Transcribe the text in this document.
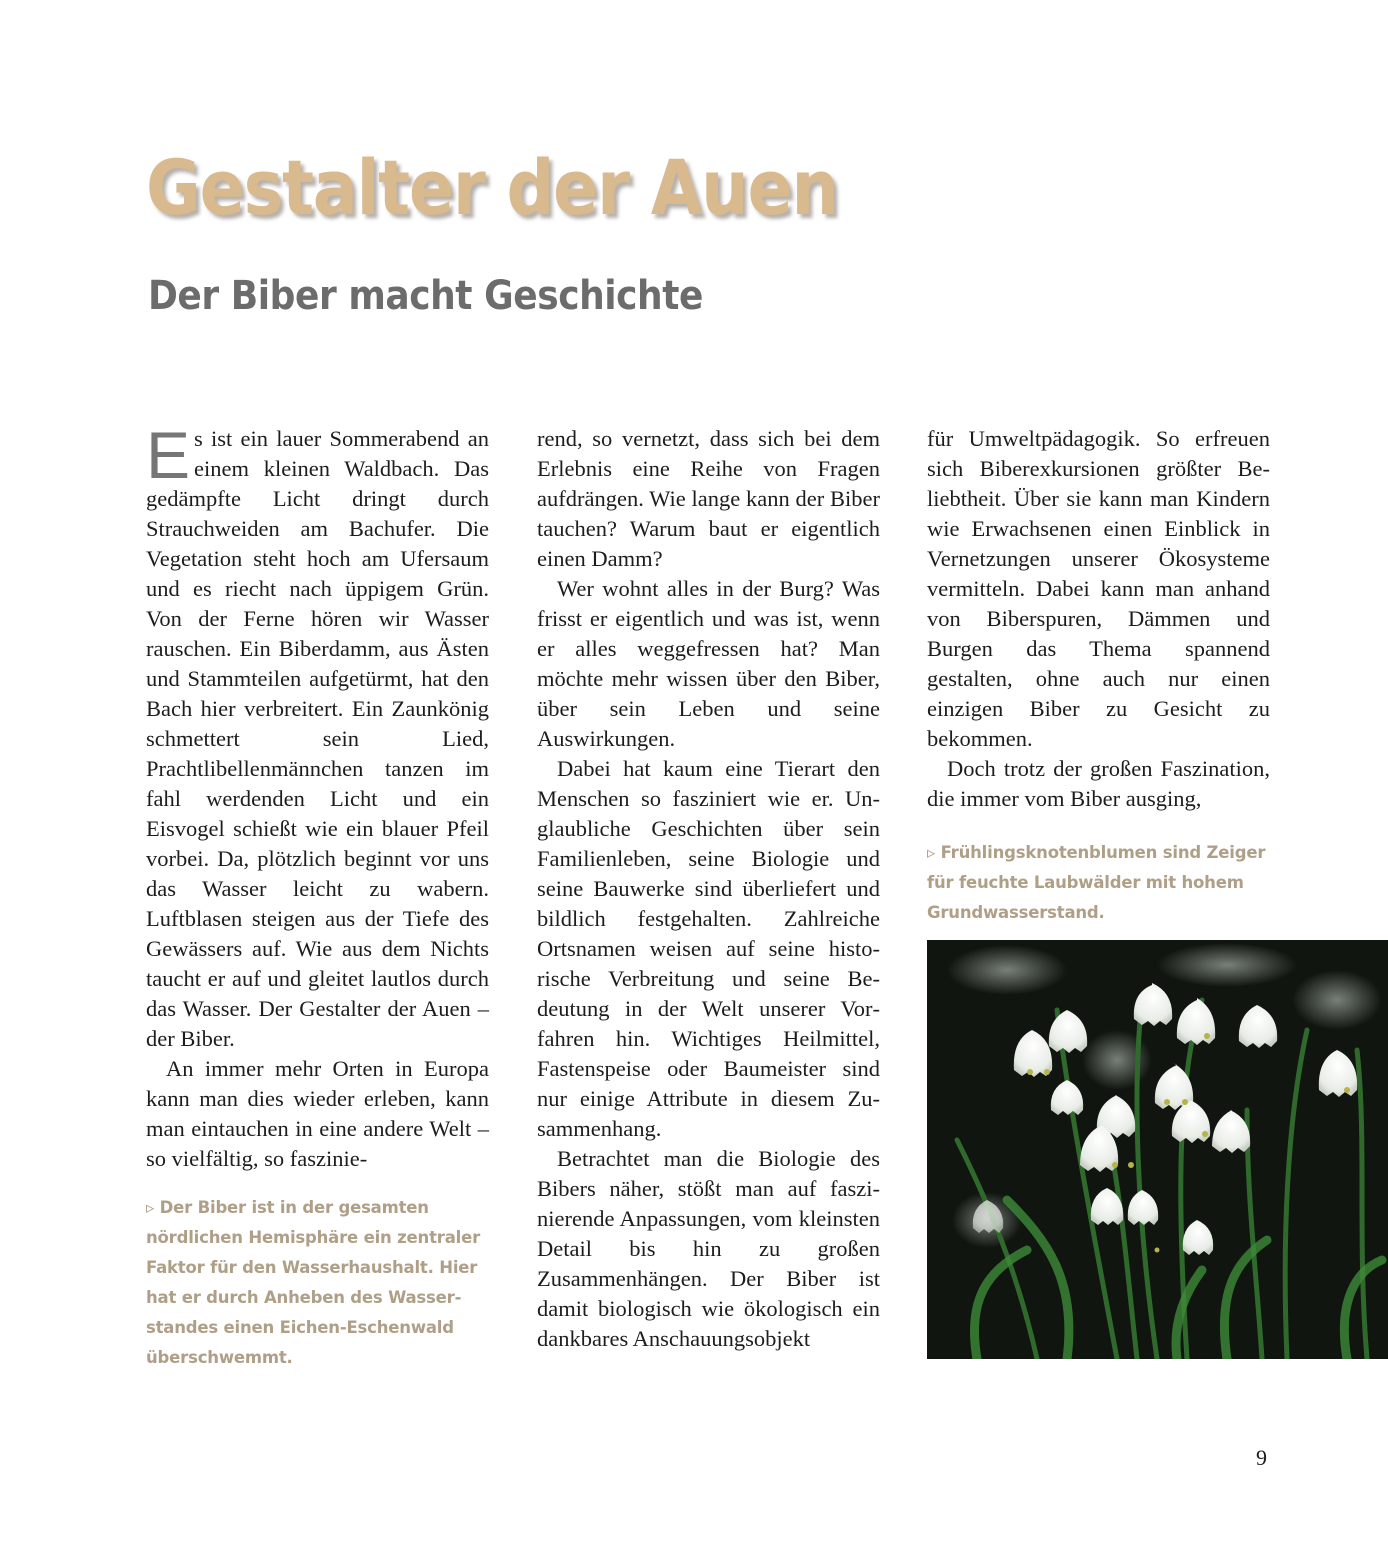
Gestalter der Auen
Der Biber macht Geschichte

Es ist ein lauer Sommerabend an einem kleinen Waldbach. Das gedämpfte Licht dringt durch Strauchweiden am Bachufer. Die Vegetation steht hoch am Ufersaum und es riecht nach üppigem Grün. Von der Ferne hören wir Wasser rauschen. Ein Biberdamm, aus Ästen und Stammteilen aufgetürmt, hat den Bach hier verbreitert. Ein Zaunkönig schmettert sein Lied, Prachtlibellenmännchen tanzen im fahl werdenden Licht und ein Eisvogel schießt wie ein blauer Pfeil vorbei. Da, plötzlich beginnt vor uns das Wasser leicht zu wabern. Luftblasen steigen aus der Tiefe des Gewässers auf. Wie aus dem Nichts taucht er auf und gleitet lautlos durch das Wasser. Der Gestalter der Auen – der Biber.

An immer mehr Orten in Europa kann man dies wieder erleben, kann man eintauchen in eine andere Welt – so vielfältig, so faszinie-

▹ Der Biber ist in der gesamten nördlichen Hemisphäre ein zentraler Faktor für den Wasserhaushalt. Hier hat er durch Anheben des Wasserstandes einen Eichen-Eschenwald überschwemmt.

rend, so vernetzt, dass sich bei dem Erlebnis eine Reihe von Fragen aufdrängen. Wie lange kann der Biber tauchen? Warum baut er eigentlich einen Damm?

Wer wohnt alles in der Burg? Was frisst er eigentlich und was ist, wenn er alles weggefressen hat? Man möchte mehr wissen über den Biber, über sein Leben und seine Auswirkungen.

Dabei hat kaum eine Tierart den Menschen so fasziniert wie er. Unglaubliche Geschichten über sein Familienleben, seine Biologie und seine Bauwerke sind überliefert und bildlich festgehalten. Zahlreiche Ortsnamen weisen auf seine historische Verbreitung und seine Bedeutung in der Welt unserer Vorfahren hin. Wichtiges Heilmittel, Fastenspeise oder Baumeister sind nur einige Attribute in diesem Zusammenhang.

Betrachtet man die Biologie des Bibers näher, stößt man auf faszinierende Anpassungen, vom kleinsten Detail bis hin zu großen Zusammenhängen. Der Biber ist damit biologisch wie ökologisch ein dankbares Anschauungsobjekt

für Umweltpädagogik. So erfreuen sich Biberexkursionen größter Beliebtheit. Über sie kann man Kindern wie Erwachsenen einen Einblick in Vernetzungen unserer Ökosysteme vermitteln. Dabei kann man anhand von Biberspuren, Dämmen und Burgen das Thema spannend gestalten, ohne auch nur einen einzigen Biber zu Gesicht zu bekommen.

Doch trotz der großen Faszination, die immer vom Biber ausging,

▹ Frühlingsknotenblumen sind Zeiger für feuchte Laubwälder mit hohem Grundwasserstand.
9
